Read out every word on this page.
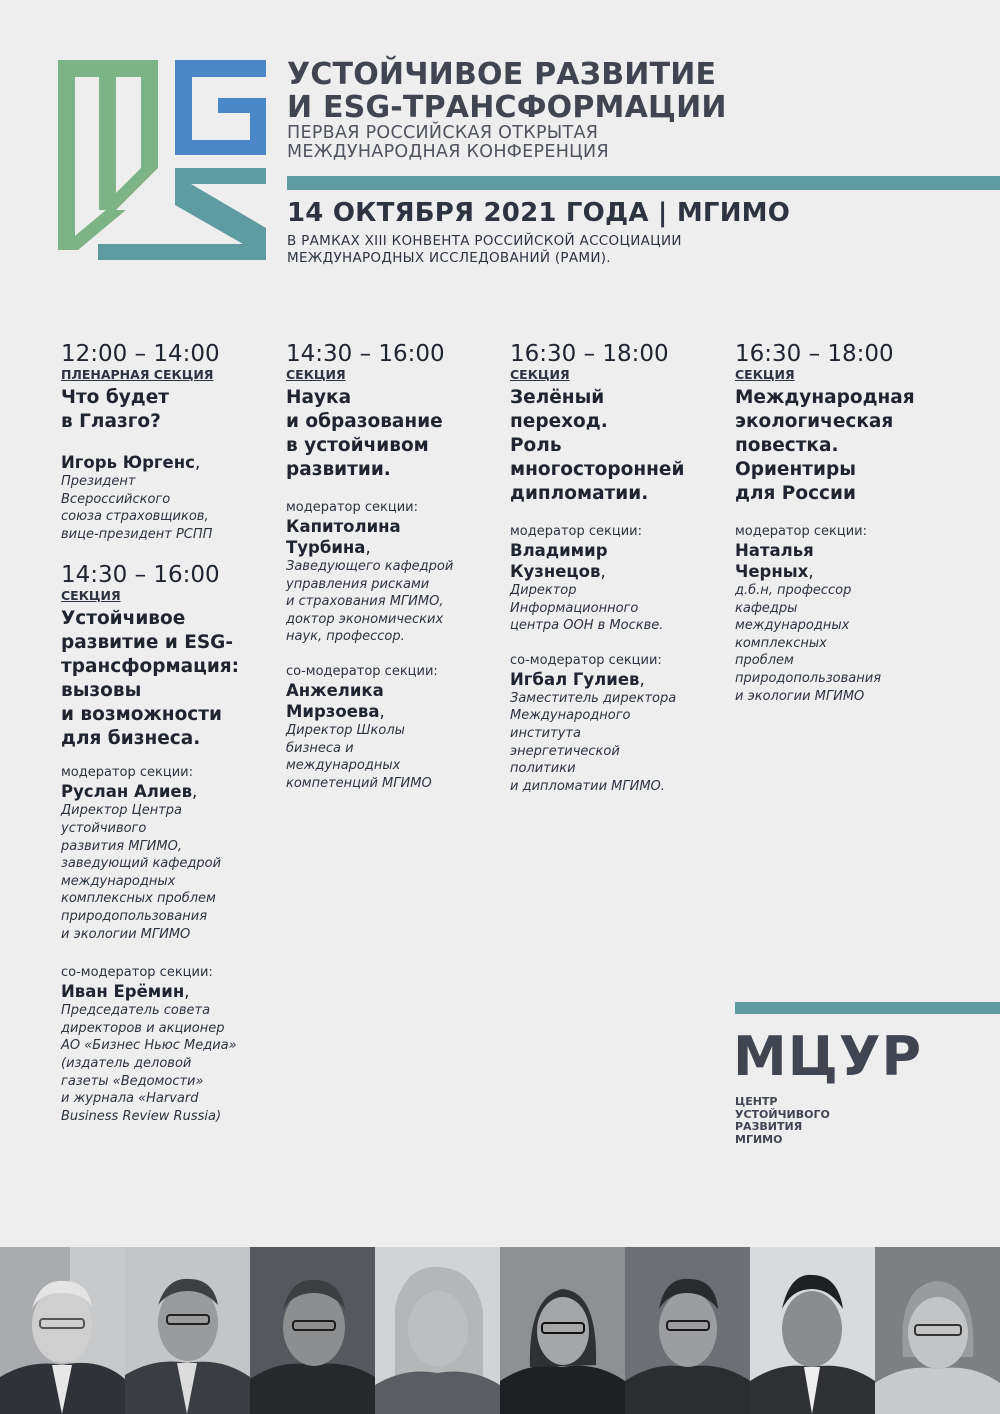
УСТОЙЧИВОЕ РАЗВИТИЕ
И ESG-ТРАНСФОРМАЦИИ
ПЕРВАЯ РОССИЙСКАЯ ОТКРЫТАЯ
МЕЖДУНАРОДНАЯ КОНФЕРЕНЦИЯ
14 ОКТЯБРЯ 2021 ГОДА | МГИМО
В РАМКАХ XIII КОНВЕНТА РОССИЙСКОЙ АССОЦИАЦИИ
МЕЖДУНАРОДНЫХ ИССЛЕДОВАНИЙ (РАМИ).
12:00 – 14:00
ПЛЕНАРНАЯ СЕКЦИЯ
Что будет
в Глазго?
Игорь Юргенс,
Президент
Всероссийского
союза страховщиков,
вице-президент РСПП
14:30 – 16:00
СЕКЦИЯ
Устойчивое
развитие и ESG-
трансформация:
вызовы
и возможности
для бизнеса.
модератор секции:
Руслан Алиев,
Директор Центра
устойчивого
развития МГИМО,
заведующий кафедрой
международных
комплексных проблем
природопользования
и экологии МГИМО
со-модератор секции:
Иван Ерёмин,
Председатель совета
директоров и акционер
АО «Бизнес Ньюс Медиа»
(издатель деловой
газеты «Ведомости»
и журнала «Harvard
Business Review Russia)
14:30 – 16:00
СЕКЦИЯ
Наука
и образование
в устойчивом
развитии.
модератор секции:
Капитолина
Турбина,
Заведующего кафедрой
управления рисками
и страхования МГИМО,
доктор экономических
наук, профессор.
со-модератор секции:
Анжелика
Мирзоева,
Директор Школы
бизнеса и
международных
компетенций МГИМО
16:30 – 18:00
СЕКЦИЯ
Зелёный
переход.
Роль
многосторонней
дипломатии.
модератор секции:
Владимир
Кузнецов,
Директор
Информационного
центра ООН в Москве.
со-модератор секции:
Игбал Гулиев,
Заместитель директора
Международного
института
энергетической
политики
и дипломатии МГИМО.
16:30 – 18:00
СЕКЦИЯ
Международная
экологическая
повестка.
Ориентиры
для России
модератор секции:
Наталья
Черных,
д.б.н, профессор
кафедры
международных
комплексных
проблем
природопользования
и экологии МГИМО
МЦУР
ЦЕНТР
УСТОЙЧИВОГО
РАЗВИТИЯ
МГИМО
